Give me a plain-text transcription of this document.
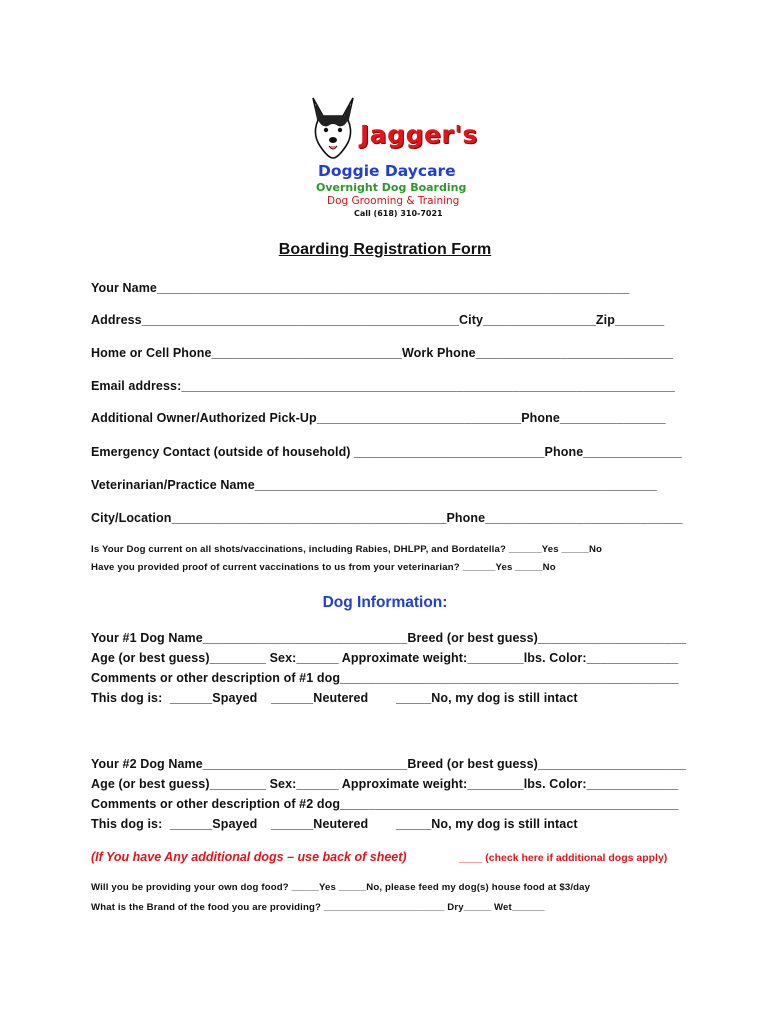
Jagger's
Doggie Daycare
Overnight Dog Boarding
Dog Grooming & Training
Call (618) 310-7021
Boarding Registration Form
Your Name___________________________________________________________________
Address_____________________________________________City________________Zip_______
Home or Cell Phone___________________________Work Phone____________________________
Email address:______________________________________________________________________
Additional Owner/Authorized Pick-Up_____________________________Phone_______________
Emergency Contact (outside of household) ___________________________Phone______________
Veterinarian/Practice Name_________________________________________________________
City/Location_______________________________________Phone____________________________
Is Your Dog current on all shots/vaccinations, including Rabies, DHLPP, and Bordatella? ______Yes _____No
Have you provided proof of current vaccinations to us from your veterinarian? ______Yes _____No
Dog Information:
Your #1 Dog Name_____________________________Breed (or best guess)_____________________
Age (or best guess)________ Sex:______ Approximate weight:________lbs. Color:_____________
Comments or other description of #1 dog________________________________________________
This dog is: ______Spayed ______Neutered _____No, my dog is still intact
Your #2 Dog Name_____________________________Breed (or best guess)_____________________
Age (or best guess)________ Sex:______ Approximate weight:________lbs. Color:_____________
Comments or other description of #2 dog________________________________________________
This dog is: ______Spayed ______Neutered _____No, my dog is still intact
(If You have Any additional dogs – use back of sheet)	____ (check here if additional dogs apply)
Will you be providing your own dog food? _____Yes _____No, please feed my dog(s) house food at $3/day
What is the Brand of the food you are providing? ______________________ Dry_____ Wet______
